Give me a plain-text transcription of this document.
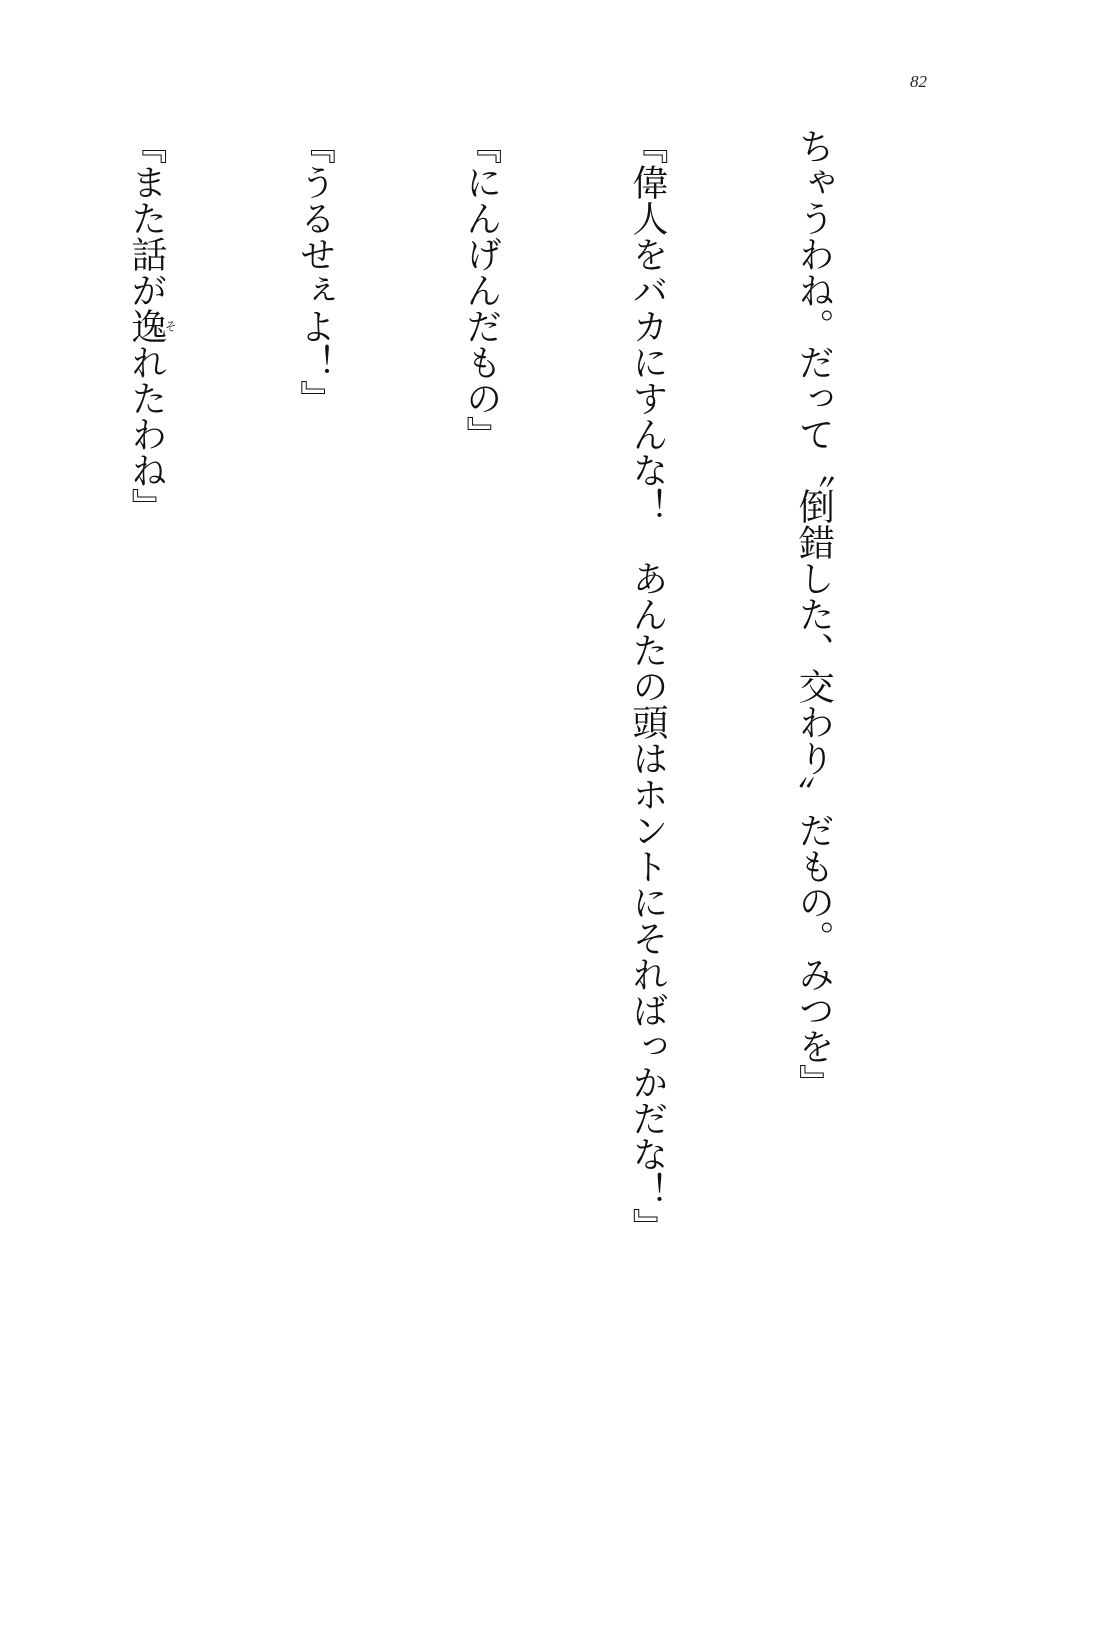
82

ちゃうわね。だって〝倒錯した、交わり〟だもの。みつを』

『偉人をバカにすんな！　あんたの頭はホントにそればっかだな！』

『にんげんだもの』

『うるせぇよ！』

『また話が逸それたわね』
